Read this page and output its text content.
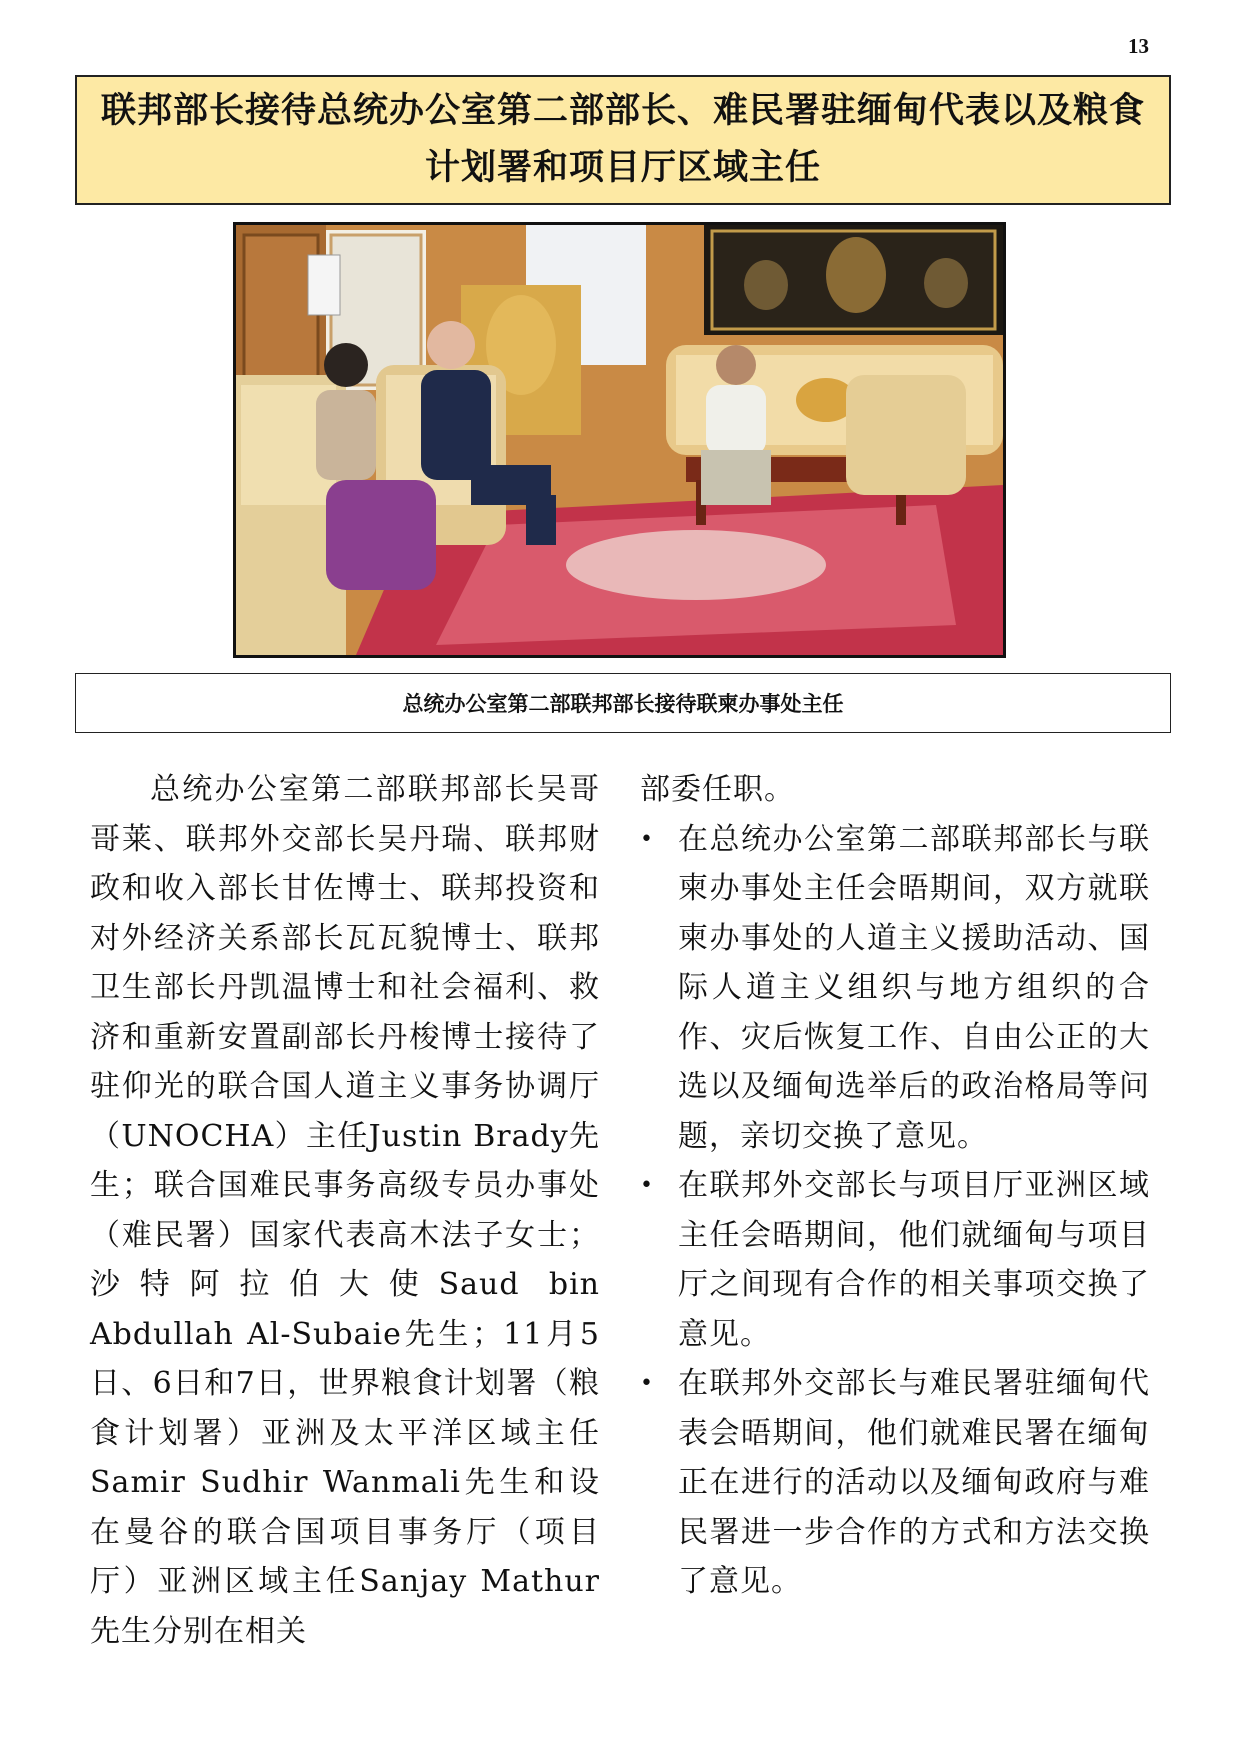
13
联邦部长接待总统办公室第二部部长、难民署驻缅甸代表以及粮食计划署和项目厅区域主任
总统办公室第二部联邦部长接待联柬办事处主任

总统办公室第二部联邦部长吴哥哥莱、联邦外交部长吴丹瑞、联邦财政和收入部长甘佐博士、联邦投资和对外经济关系部长瓦瓦貌博士、联邦卫生部长丹凯温博士和社会福利、救济和重新安置副部长丹梭博士接待了驻仰光的联合国人道主义事务协调厅（UNOCHA）主任Justin Brady先生；联合国难民事务高级专员办事处（难民署）国家代表高木法子女士；沙特阿拉伯大使Saud bin Abdullah Al-Subaie先生；11月5日、6日和7日，世界粮食计划署（粮食计划署）亚洲及太平洋区域主任Samir Sudhir Wanmali先生和设在曼谷的联合国项目事务厅（项目厅）亚洲区域主任Sanjay Mathur先生分别在相关

部委任职。

• 在总统办公室第二部联邦部长与联柬办事处主任会晤期间，双方就联柬办事处的人道主义援助活动、国际人道主义组织与地方组织的合作、灾后恢复工作、自由公正的大选以及缅甸选举后的政治格局等问题，亲切交换了意见。
• 在联邦外交部长与项目厅亚洲区域主任会晤期间，他们就缅甸与项目厅之间现有合作的相关事项交换了意见。
• 在联邦外交部长与难民署驻缅甸代表会晤期间，他们就难民署在缅甸正在进行的活动以及缅甸政府与难民署进一步合作的方式和方法交换了意见。
